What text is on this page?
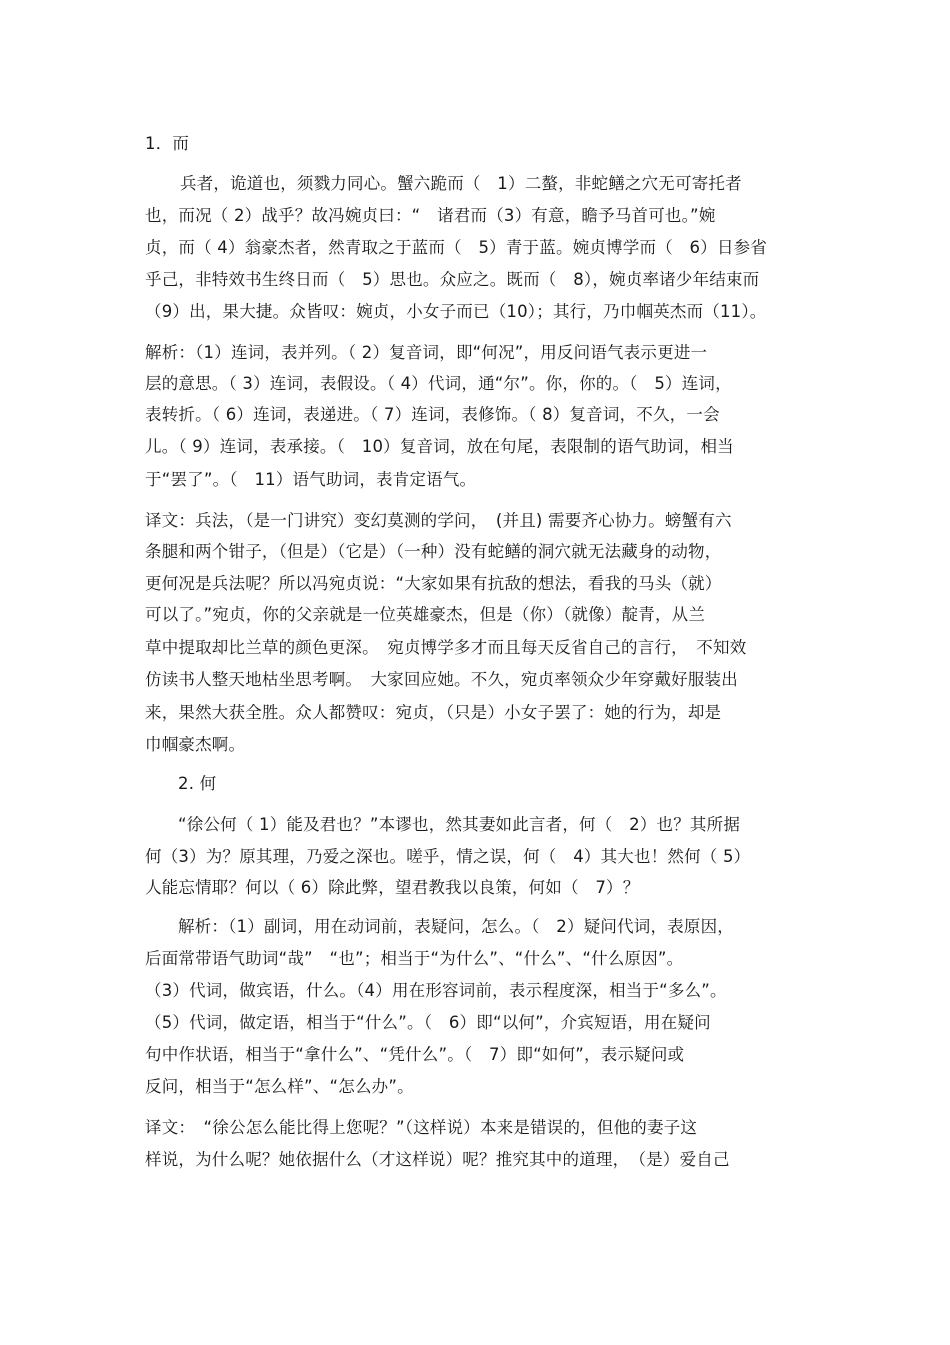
1．而
兵者，诡道也，须戮力同心。蟹六跪而（　1）二螯，非蛇鳝之穴无可寄托者
也，而况（ 2）战乎？故冯婉贞曰：“　诸君而（3）有意，瞻予马首可也。”婉
贞，而（ 4）翁豪杰者，然青取之于蓝而（　5）青于蓝。婉贞博学而（　6）日参省
乎己，非特效书生终日而（　5）思也。众应之。既而（　8），婉贞率诸少年结束而
（9）出，果大捷。众皆叹：婉贞，小女子而已（10）；其行，乃巾帼英杰而（11）。
解析：（1）连词，表并列。（ 2）复音词，即“何况”，用反问语气表示更进一
层的意思。（ 3）连词，表假设。（ 4）代词，通“尔”。你，你的。（　5）连词，
表转折。（ 6）连词，表递进。（ 7）连词，表修饰。（ 8）复音词，不久，一会
儿。（ 9）连词，表承接。（　10）复音词，放在句尾，表限制的语气助词，相当
于“罢了”。（　11）语气助词，表肯定语气。
译文：兵法，（是一门讲究）变幻莫测的学问，　(并且) 需要齐心协力。螃蟹有六
条腿和两个钳子，（但是）（它是）（一种）没有蛇鳝的洞穴就无法藏身的动物，
更何况是兵法呢？所以冯宛贞说：“大家如果有抗敌的想法，看我的马头（就）
可以了。”宛贞，你的父亲就是一位英雄豪杰，但是（你）（就像）靛青，从兰
草中提取却比兰草的颜色更深。　宛贞博学多才而且每天反省自己的言行，　不知效
仿读书人整天地枯坐思考啊。　大家回应她。不久，宛贞率领众少年穿戴好服装出
来，果然大获全胜。众人都赞叹：宛贞，（只是）小女子罢了：她的行为，却是
巾帼豪杰啊。
2. 何
“徐公何（ 1）能及君也？”本谬也，然其妻如此言者，何（　2）也？其所据
何（3）为？原其理，乃爱之深也。嗟乎，情之误，何（　4）其大也！然何（ 5）
人能忘情耶？何以（ 6）除此弊，望君教我以良策，何如（　7）？
解析：（1）副词，用在动词前，表疑问，怎么。（　2）疑问代词，表原因，
后面常带语气助词“哉”　“也”；相当于“为什么”、“什么”、“什么原因”。
（3）代词，做宾语，什么。（4）用在形容词前，表示程度深，相当于“多么”。
（5）代词，做定语，相当于“什么”。（　6）即“以何”，介宾短语，用在疑问
句中作状语，相当于“拿什么”、“凭什么”。（　7）即“如何”，表示疑问或
反问，相当于“怎么样”、“怎么办”。
译文：　“徐公怎么能比得上您呢？”（这样说）本来是错误的，但他的妻子这
样说，为什么呢？她依据什么（才这样说）呢？推究其中的道理，　（是）爱自己
